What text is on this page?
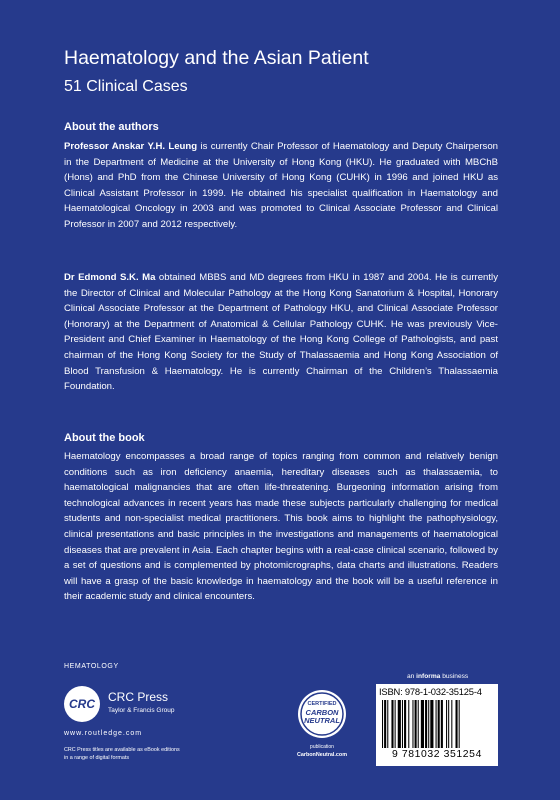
Haematology and the Asian Patient
51 Clinical Cases
About the authors

Professor Anskar Y.H. Leung is currently Chair Professor of Haematology and Deputy Chairperson in the Department of Medicine at the University of Hong Kong (HKU). He graduated with MBChB (Hons) and PhD from the Chinese University of Hong Kong (CUHK) in 1996 and joined HKU as Clinical Assistant Professor in 1999. He obtained his specialist qualification in Haematology and Haematological Oncology in 2003 and was promoted to Clinical Associate Professor and Clinical Professor in 2007 and 2012 respectively.

Dr Edmond S.K. Ma obtained MBBS and MD degrees from HKU in 1987 and 2004. He is currently the Director of Clinical and Molecular Pathology at the Hong Kong Sanatorium & Hospital, Honorary Clinical Associate Professor at the Department of Pathology HKU, and Clinical Associate Professor (Honorary) at the Department of Anatomical & Cellular Pathology CUHK. He was previously Vice-President and Chief Examiner in Haematology of the Hong Kong College of Pathologists, and past chairman of the Hong Kong Society for the Study of Thalassaemia and Hong Kong Association of Blood Transfusion & Haematology. He is currently Chairman of the Children’s Thalassaemia Foundation.

About the book

Haematology encompasses a broad range of topics ranging from common and relatively benign conditions such as iron deficiency anaemia, hereditary diseases such as thalassaemia, to haematological malignancies that are often life-threatening. Burgeoning information arising from technological advances in recent years has made these subjects particularly challenging for medical students and non-specialist medical practitioners. This book aims to highlight the pathophysiology, clinical presentations and basic principles in the investigations and managements of haematological diseases that are prevalent in Asia. Each chapter begins with a real-case clinical scenario, followed by a set of questions and is complemented by photomicrographs, data charts and illustrations. Readers will have a grasp of the basic knowledge in haematology and the book will be a useful reference in their academic study and clinical encounters.

HEMATOLOGY
CRC	CRC Press
Taylor & Francis Group
www.routledge.com
CRC Press titles are available as eBook editions in a range of digital formats
CERTIFIED
CARBON
NEUTRAL
publication
CarbonNeutral.com
an informa business
ISBN: 978-1-032-35125-4
9 781032 351254
